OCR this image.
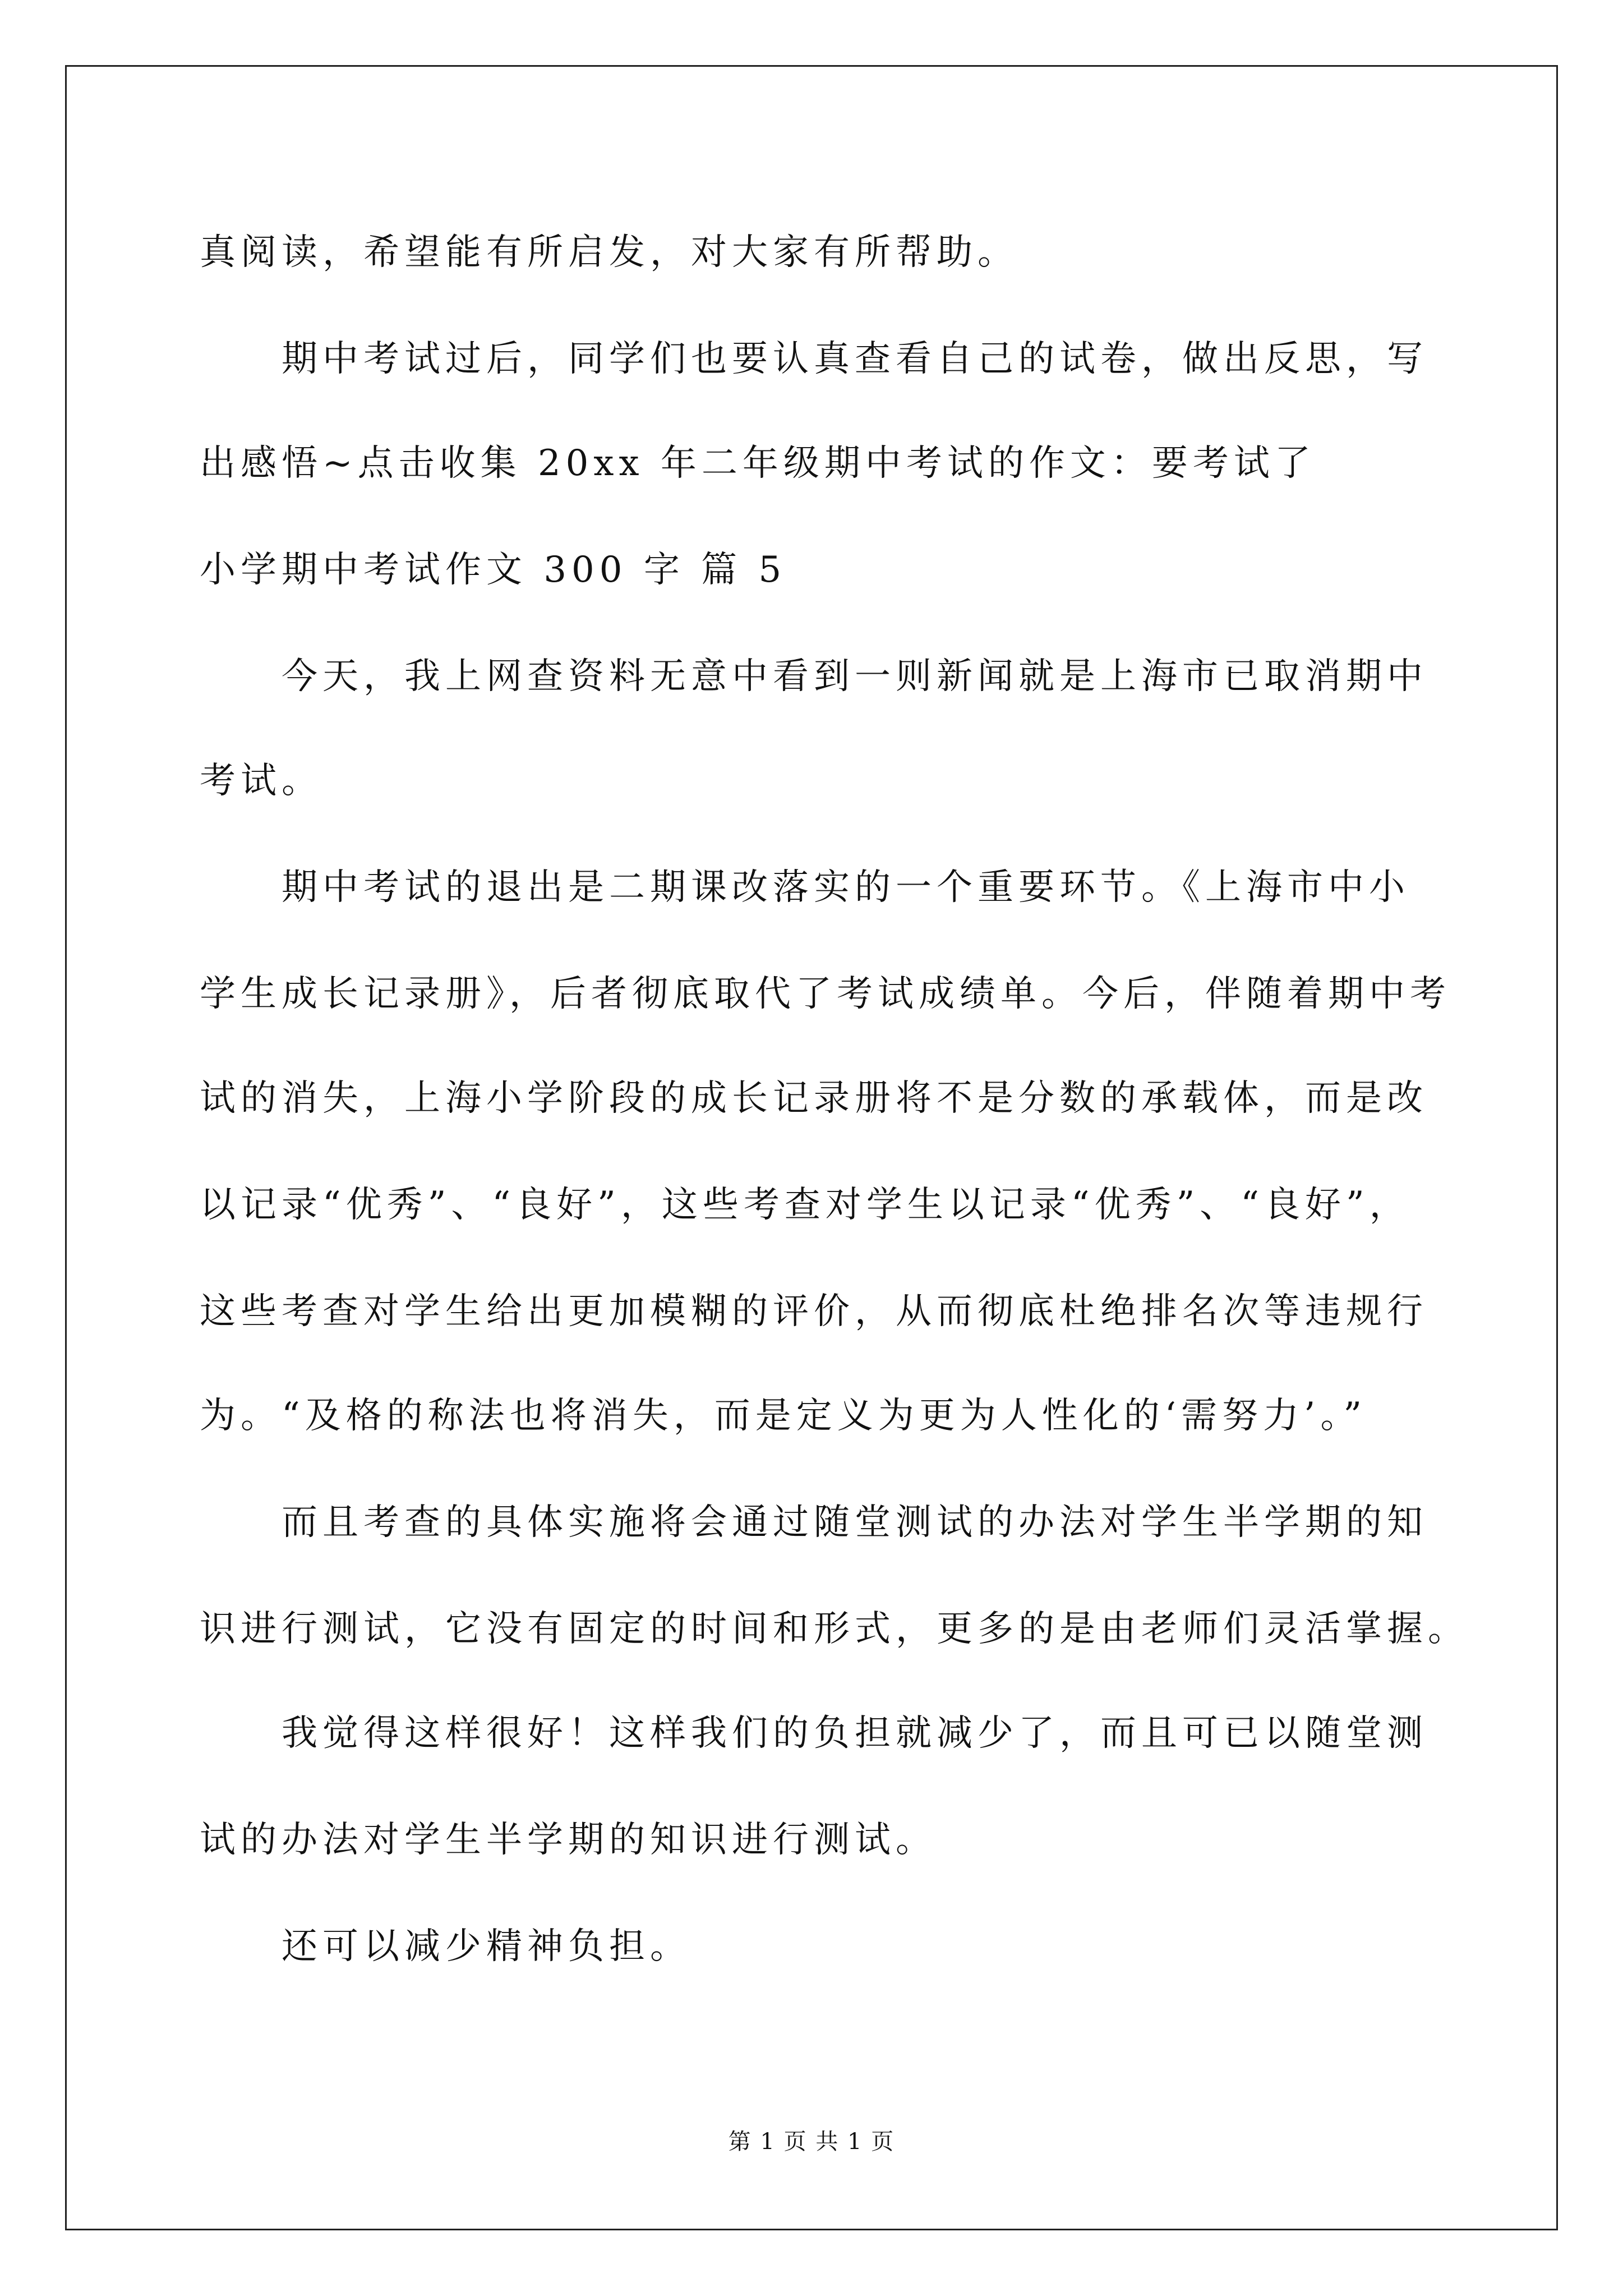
真阅读，希望能有所启发，对大家有所帮助。
期中考试过后，同学们也要认真查看自己的试卷，做出反思，写
出感悟~点击收集 20xx 年二年级期中考试的作文：要考试了
小学期中考试作文 300 字 篇 5
今天，我上网查资料无意中看到一则新闻就是上海市已取消期中
考试。
期中考试的退出是二期课改落实的一个重要环节。《上海市中小
学生成长记录册》，后者彻底取代了考试成绩单。今后，伴随着期中考
试的消失，上海小学阶段的成长记录册将不是分数的承载体，而是改
以记录“优秀”、“良好”，这些考查对学生以记录“优秀”、“良好”，
这些考查对学生给出更加模糊的评价，从而彻底杜绝排名次等违规行
为。“及格的称法也将消失，而是定义为更为人性化的‘需努力’。”
而且考查的具体实施将会通过随堂测试的办法对学生半学期的知
识进行测试，它没有固定的时间和形式，更多的是由老师们灵活掌握。
我觉得这样很好！这样我们的负担就减少了，而且可已以随堂测
试的办法对学生半学期的知识进行测试。
还可以减少精神负担。
第 1 页 共 1 页
